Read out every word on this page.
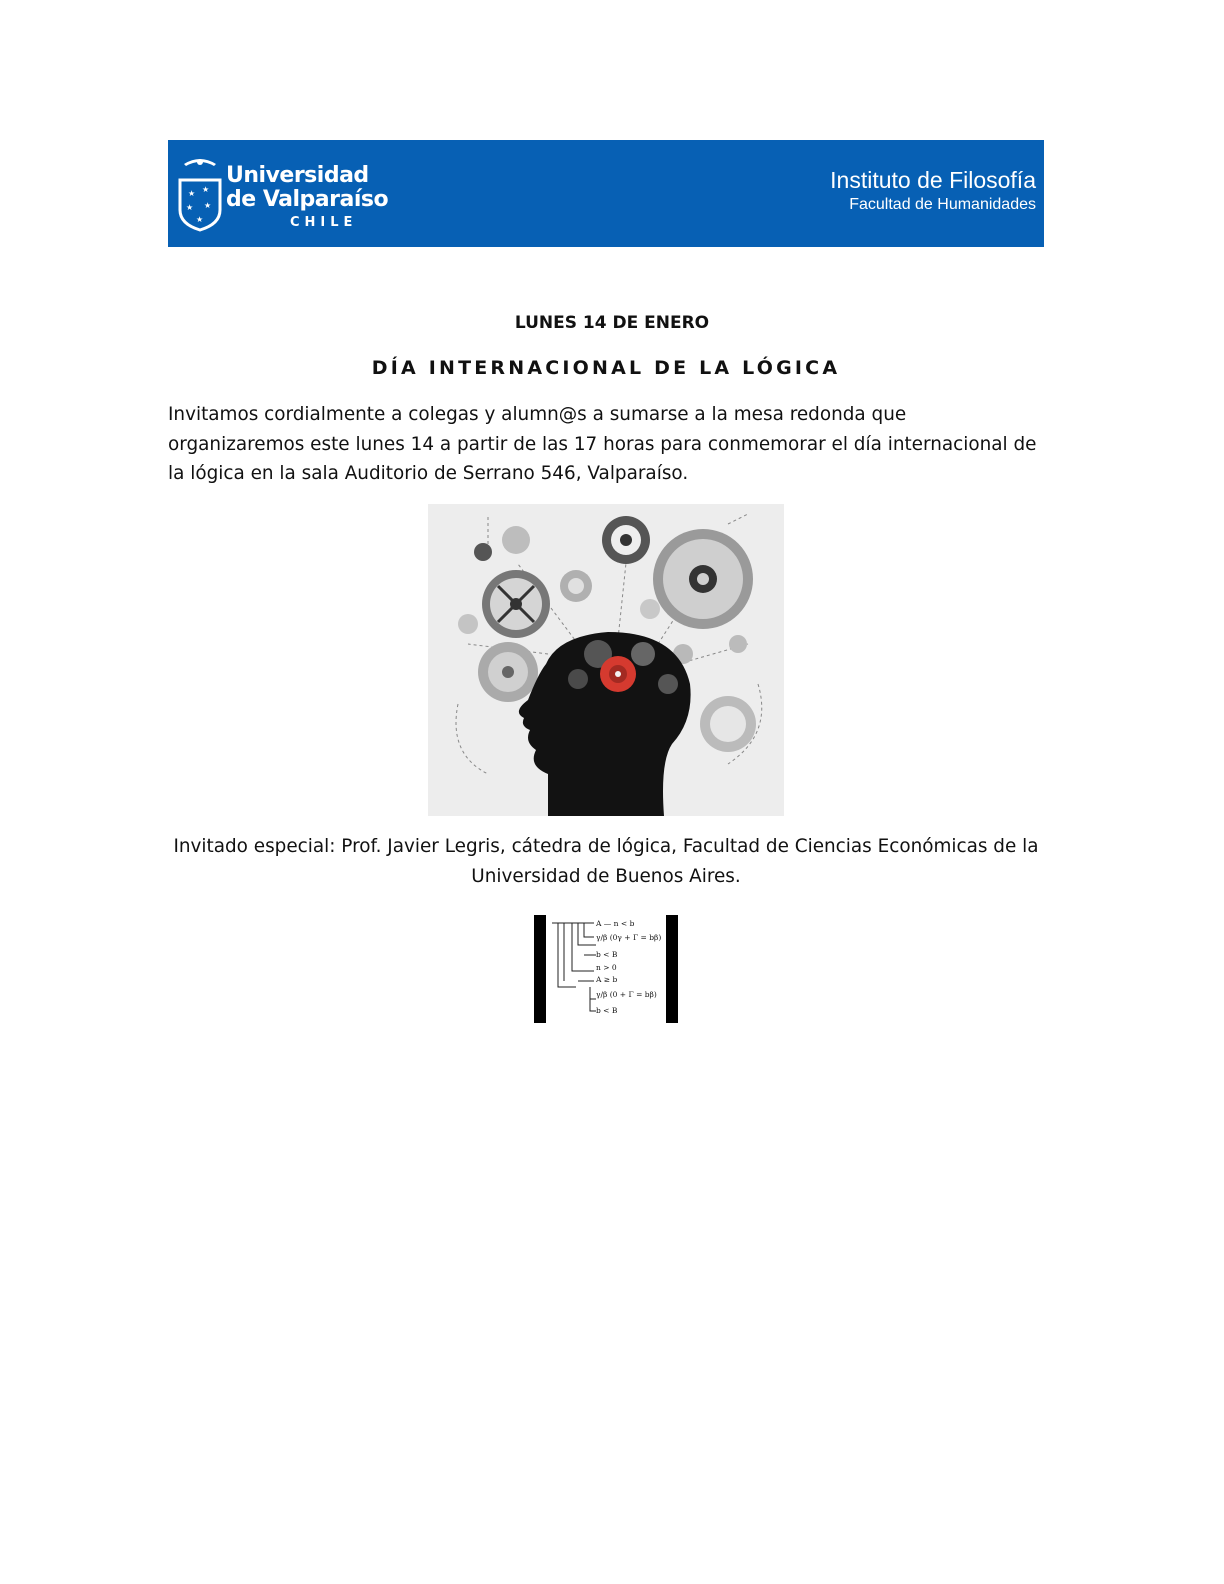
★ ★
★ ★
★
Universidad
de Valparaíso
CHILE
Instituto de Filosofía
Facultad de Humanidades
LUNES 14 DE ENERO
DÍA INTERNACIONAL DE LA LÓGICA
Invitamos cordialmente a colegas y alumn@s a sumarse a la mesa redonda que organizaremos este lunes 14 a partir de las 17 horas para conmemorar el día internacional de la lógica en la sala Auditorio de Serrano 546, Valparaíso.
Invitado especial: Prof. Javier Legris, cátedra de lógica, Facultad de Ciencias Económicas de la
Universidad de Buenos Aires.
A — n < b
γ/β (0γ + Γ = bβ)
b < B
n > 0
A ≥ b
γ/β (0 + Γ = bβ)
b < B
